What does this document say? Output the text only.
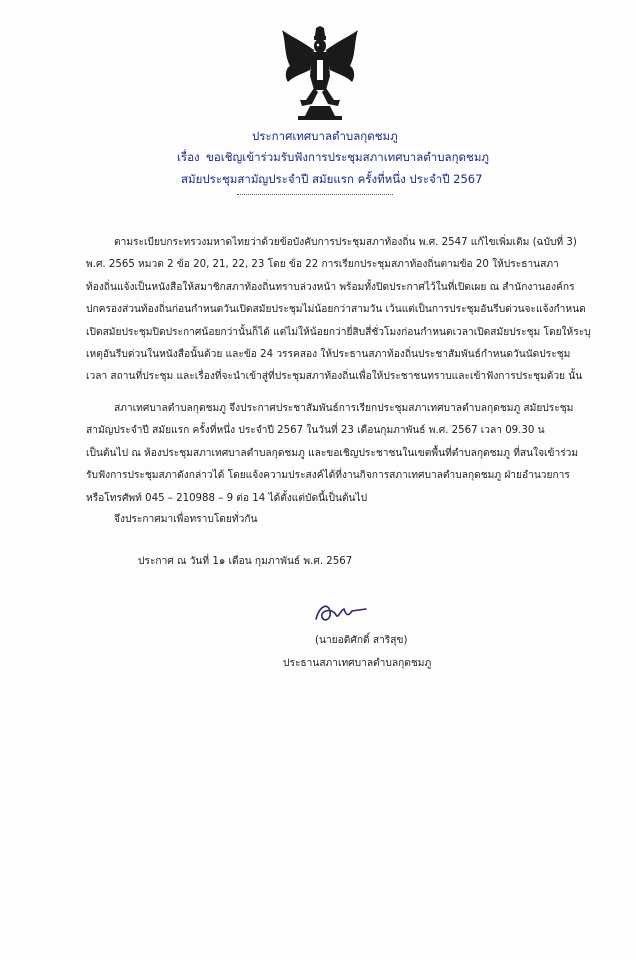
ประกาศเทศบาลตำบลกุดชมภู
เรื่อง ขอเชิญเข้าร่วมรับฟังการประชุมสภาเทศบาลตำบลกุดชมภู
สมัยประชุมสามัญประจำปี สมัยแรก ครั้งที่หนึ่ง ประจำปี 2567
ตามระเบียบกระทรวงมหาดไทยว่าด้วยข้อบังคับการประชุมสภาท้องถิ่น พ.ศ. 2547 แก้ไขเพิ่มเติม (ฉบับที่ 3)
พ.ศ. 2565 หมวด 2 ข้อ 20, 21, 22, 23 โดย ข้อ 22 การเรียกประชุมสภาท้องถิ่นตามข้อ 20 ให้ประธานสภา
ท้องถิ่นแจ้งเป็นหนังสือให้สมาชิกสภาท้องถิ่นทราบล่วงหน้า พร้อมทั้งปิดประกาศไว้ในที่เปิดเผย ณ สำนักงานองค์กร
ปกครองส่วนท้องถิ่นก่อนกำหนดวันเปิดสมัยประชุมไม่น้อยกว่าสามวัน เว้นแต่เป็นการประชุมอันรีบด่วนจะแจ้งกำหนด
เปิดสมัยประชุมปิดประกาศน้อยกว่านั้นก็ได้ แต่ไม่ให้น้อยกว่ายี่สิบสี่ชั่วโมงก่อนกำหนดเวลาเปิดสมัยประชุม โดยให้ระบุ
เหตุอันรีบด่วนในหนังสือนั้นด้วย และข้อ 24 วรรคสอง ให้ประธานสภาท้องถิ่นประชาสัมพันธ์กำหนดวันนัดประชุม
เวลา สถานที่ประชุม และเรื่องที่จะนำเข้าสู่ที่ประชุมสภาท้องถิ่นเพื่อให้ประชาชนทราบและเข้าฟังการประชุมด้วย นั้น
สภาเทศบาลตำบลกุดชมภู จึงประกาศประชาสัมพันธ์การเรียกประชุมสภาเทศบาลตำบลกุดชมภู สมัยประชุม
สามัญประจำปี สมัยแรก ครั้งที่หนึ่ง ประจำปี 2567 ในวันที่ 23 เดือนกุมภาพันธ์ พ.ศ. 2567 เวลา 09.30 น
เป็นต้นไป ณ ห้องประชุมสภาเทศบาลตำบลกุดชมภู และขอเชิญประชาชนในเขตพื้นที่ตำบลกุดชมภู ที่สนใจเข้าร่วม
รับฟังการประชุมสภาดังกล่าวได้ โดยแจ้งความประสงค์ได้ที่งานกิจการสภาเทศบาลตำบลกุดชมภู ฝ่ายอำนวยการ
หรือโทรศัพท์ 045 – 210988 – 9 ต่อ 14 ได้ตั้งแต่บัดนี้เป็นต้นไป
จึงประกาศมาเพื่อทราบโดยทั่วกัน
ประกาศ ณ วันที่ 1๑ เดือน กุมภาพันธ์ พ.ศ. 2567
(นายอดิศักดิ์ สาริสุข)
ประธานสภาเทศบาลตำบลกุดชมภู
